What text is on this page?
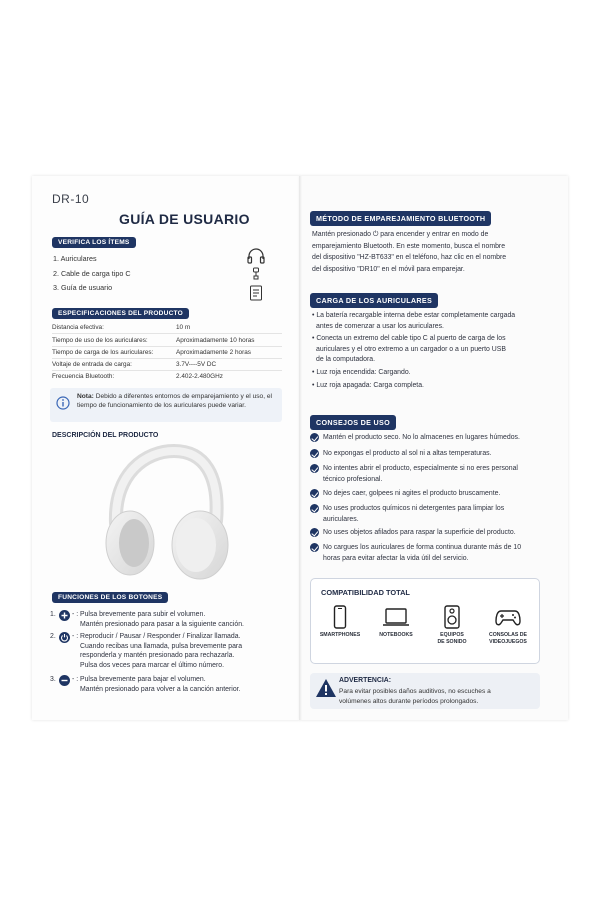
DR-10
GUÍA DE USUARIO
VERIFICA LOS ÍTEMS
1. Auriculares
2. Cable de carga tipo C
3. Guía de usuario
ESPECIFICACIONES DEL PRODUCTO
Distancia efectiva:	10 m
Tiempo de uso de los auriculares:	Aproximadamente 10 horas
Tiempo de carga de los auriculares:	Aproximadamente 2 horas
Voltaje de entrada de carga:	3.7V----5V DC
Frecuencia Bluetooth:	2.402-2.480GHz
Nota: Debido a diferentes entornos de emparejamiento y el uso, el tiempo de funcionamiento de los auriculares puede variar.
DESCRIPCIÓN DEL PRODUCTO
FUNCIONES DE LOS BOTONES
1. - : Pulsa brevemente para subir el volumen.
Mantén presionado para pasar a la siguiente canción.
2. - : Reproducir / Pausar / Responder / Finalizar llamada.
Cuando recibas una llamada, pulsa brevemente para
responderla y mantén presionado para rechazarla.
Pulsa dos veces para marcar el último número.
3. - : Pulsa brevemente para bajar el volumen.
Mantén presionado para volver a la canción anterior.
MÉTODO DE EMPAREJAMIENTO BLUETOOTH
Mantén presionado ⏻ para encender y entrar en modo de
emparejamiento Bluetooth. En este momento, busca el nombre
del dispositivo "HZ-BT633" en el teléfono, haz clic en el nombre
del dispositivo "DR10" en el móvil para emparejar.
CARGA DE LOS AURICULARES
• La batería recargable interna debe estar completamente cargada
antes de comenzar a usar los auriculares.
• Conecta un extremo del cable tipo C al puerto de carga de los
auriculares y el otro extremo a un cargador o a un puerto USB
de la computadora.
• Luz roja encendida: Cargando.
• Luz roja apagada: Carga completa.
CONSEJOS DE USO
Mantén el producto seco. No lo almacenes en lugares húmedos.
No expongas el producto al sol ni a altas temperaturas.
No intentes abrir el producto, especialmente si no eres personal
técnico profesional.
No dejes caer, golpees ni agites el producto bruscamente.
No uses productos químicos ni detergentes para limpiar los
auriculares.
No uses objetos afilados para raspar la superficie del producto.
No cargues los auriculares de forma continua durante más de 10
horas para evitar afectar la vida útil del servicio.
COMPATIBILIDAD TOTAL
SMARTPHONES	NOTEBOOKS	EQUIPOS
DE SONIDO
CONSOLAS DE
VIDEOJUEGOS
ADVERTENCIA:
Para evitar posibles daños auditivos, no escuches a
volúmenes altos durante períodos prolongados.
